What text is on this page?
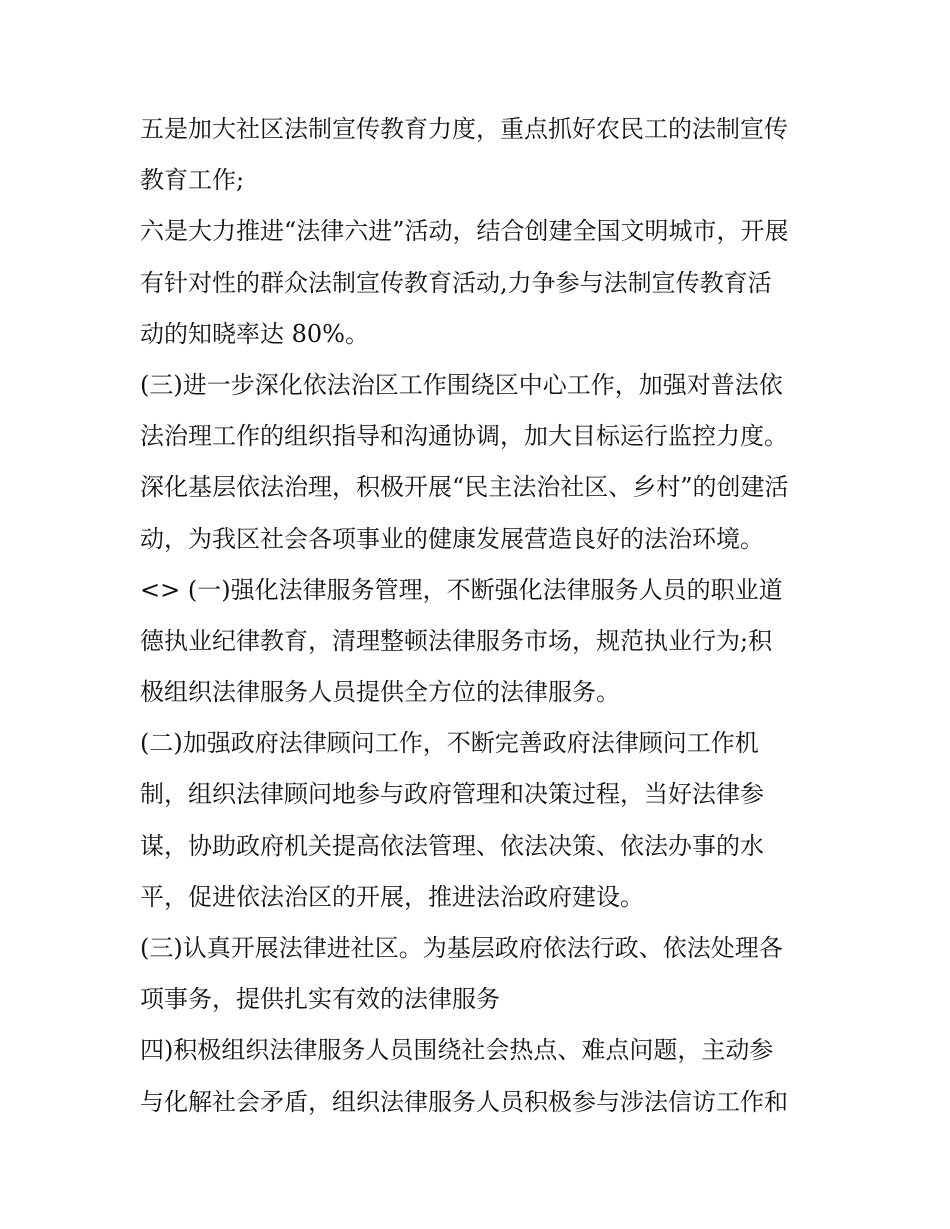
五是加大社区法制宣传教育力度，重点抓好农民工的法制宣传
教育工作;
六是大力推进“法律六进”活动，结合创建全国文明城市，开展
有针对性的群众法制宣传教育活动,力争参与法制宣传教育活
动的知晓率达 80%。
(三)进一步深化依法治区工作围绕区中心工作，加强对普法依
法治理工作的组织指导和沟通协调，加大目标运行监控力度。
深化基层依法治理，积极开展“民主法治社区、乡村”的创建活
动，为我区社会各项事业的健康发展营造良好的法治环境。
<> (一)强化法律服务管理，不断强化法律服务人员的职业道
德执业纪律教育，清理整顿法律服务市场，规范执业行为;积
极组织法律服务人员提供全方位的法律服务。
(二)加强政府法律顾问工作，不断完善政府法律顾问工作机
制，组织法律顾问地参与政府管理和决策过程，当好法律参
谋，协助政府机关提高依法管理、依法决策、依法办事的水
平，促进依法治区的开展，推进法治政府建设。
(三)认真开展法律进社区。为基层政府依法行政、依法处理各
项事务，提供扎实有效的法律服务
四)积极组织法律服务人员围绕社会热点、难点问题，主动参
与化解社会矛盾，组织法律服务人员积极参与涉法信访工作和
